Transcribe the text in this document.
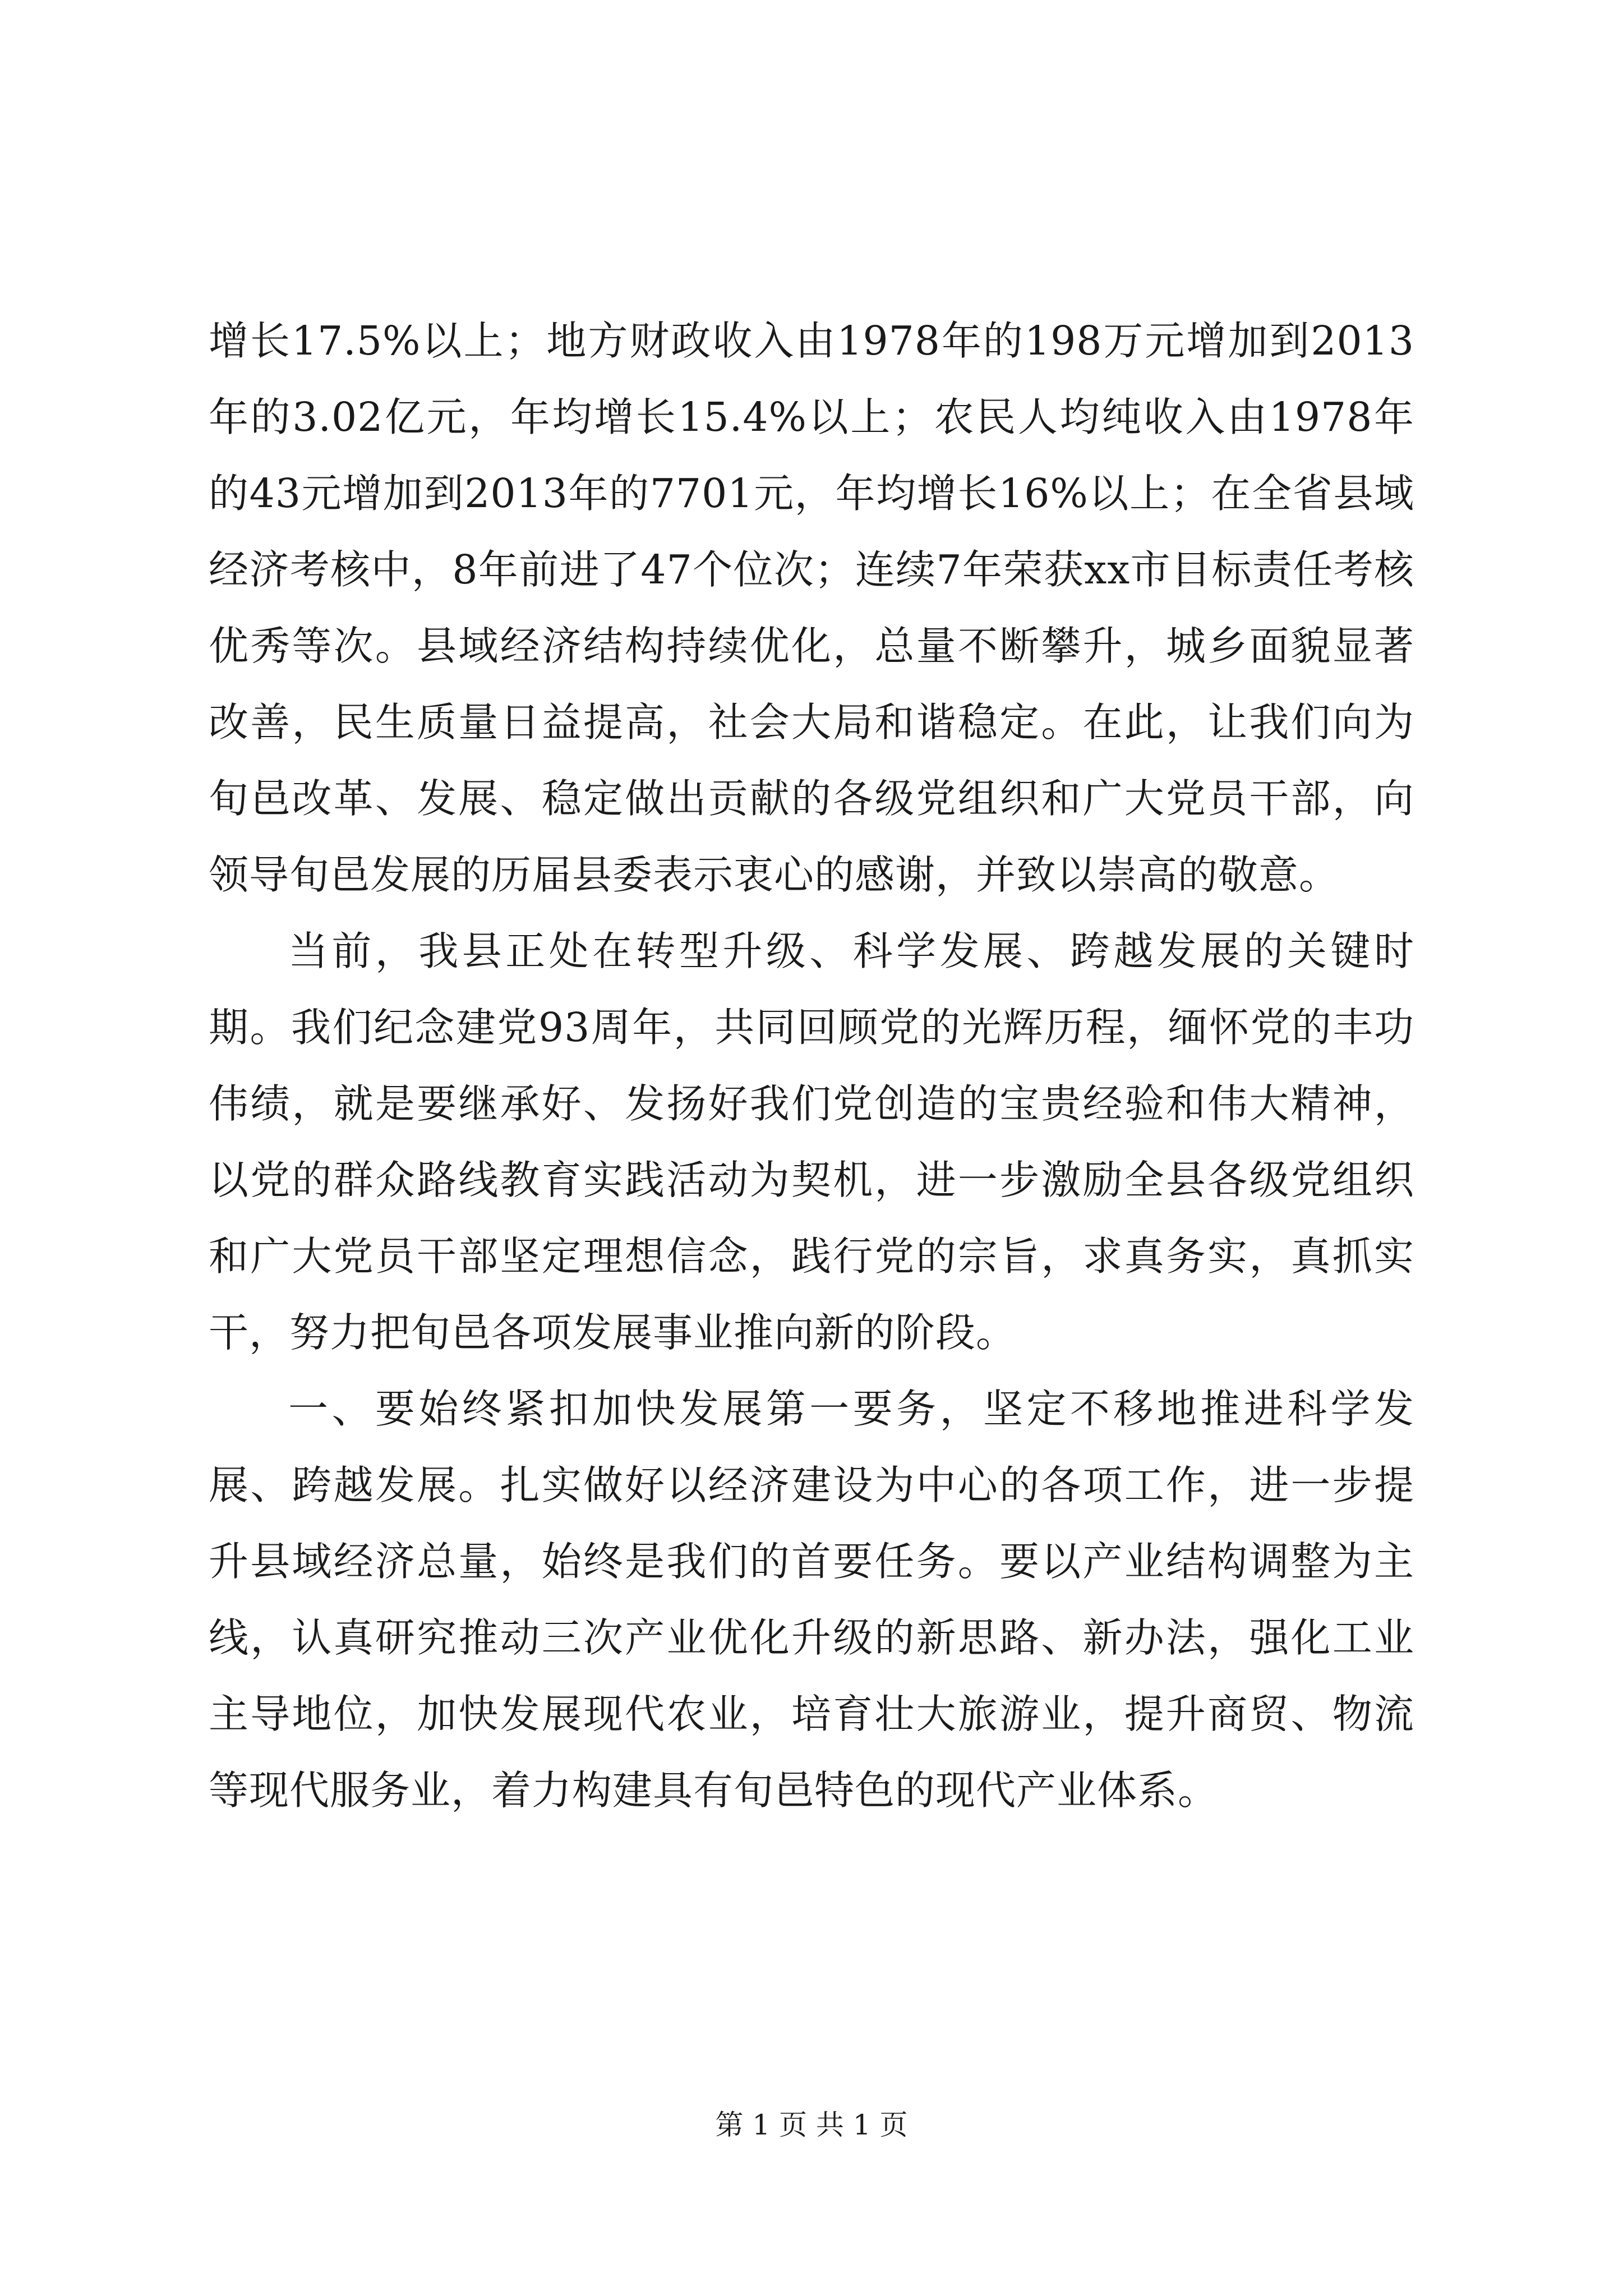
增长17.5%以上；地方财政收入由1978年的198万元增加到2013年的3.02亿元，年均增长15.4%以上；农民人均纯收入由1978年的43元增加到2013年的7701元，年均增长16%以上；在全省县域经济考核中，8年前进了47个位次；连续7年荣获xx市目标责任考核优秀等次。县域经济结构持续优化，总量不断攀升，城乡面貌显著改善，民生质量日益提高，社会大局和谐稳定。在此，让我们向为旬邑改革、发展、稳定做出贡献的各级党组织和广大党员干部，向领导旬邑发展的历届县委表示衷心的感谢，并致以崇高的敬意。

当前，我县正处在转型升级、科学发展、跨越发展的关键时期。我们纪念建党93周年，共同回顾党的光辉历程，缅怀党的丰功伟绩，就是要继承好、发扬好我们党创造的宝贵经验和伟大精神，以党的群众路线教育实践活动为契机，进一步激励全县各级党组织和广大党员干部坚定理想信念，践行党的宗旨，求真务实，真抓实干，努力把旬邑各项发展事业推向新的阶段。

一、要始终紧扣加快发展第一要务，坚定不移地推进科学发展、跨越发展。扎实做好以经济建设为中心的各项工作，进一步提升县域经济总量，始终是我们的首要任务。要以产业结构调整为主线，认真研究推动三次产业优化升级的新思路、新办法，强化工业主导地位，加快发展现代农业，培育壮大旅游业，提升商贸、物流等现代服务业，着力构建具有旬邑特色的现代产业体系。

第 1 页 共 1 页
